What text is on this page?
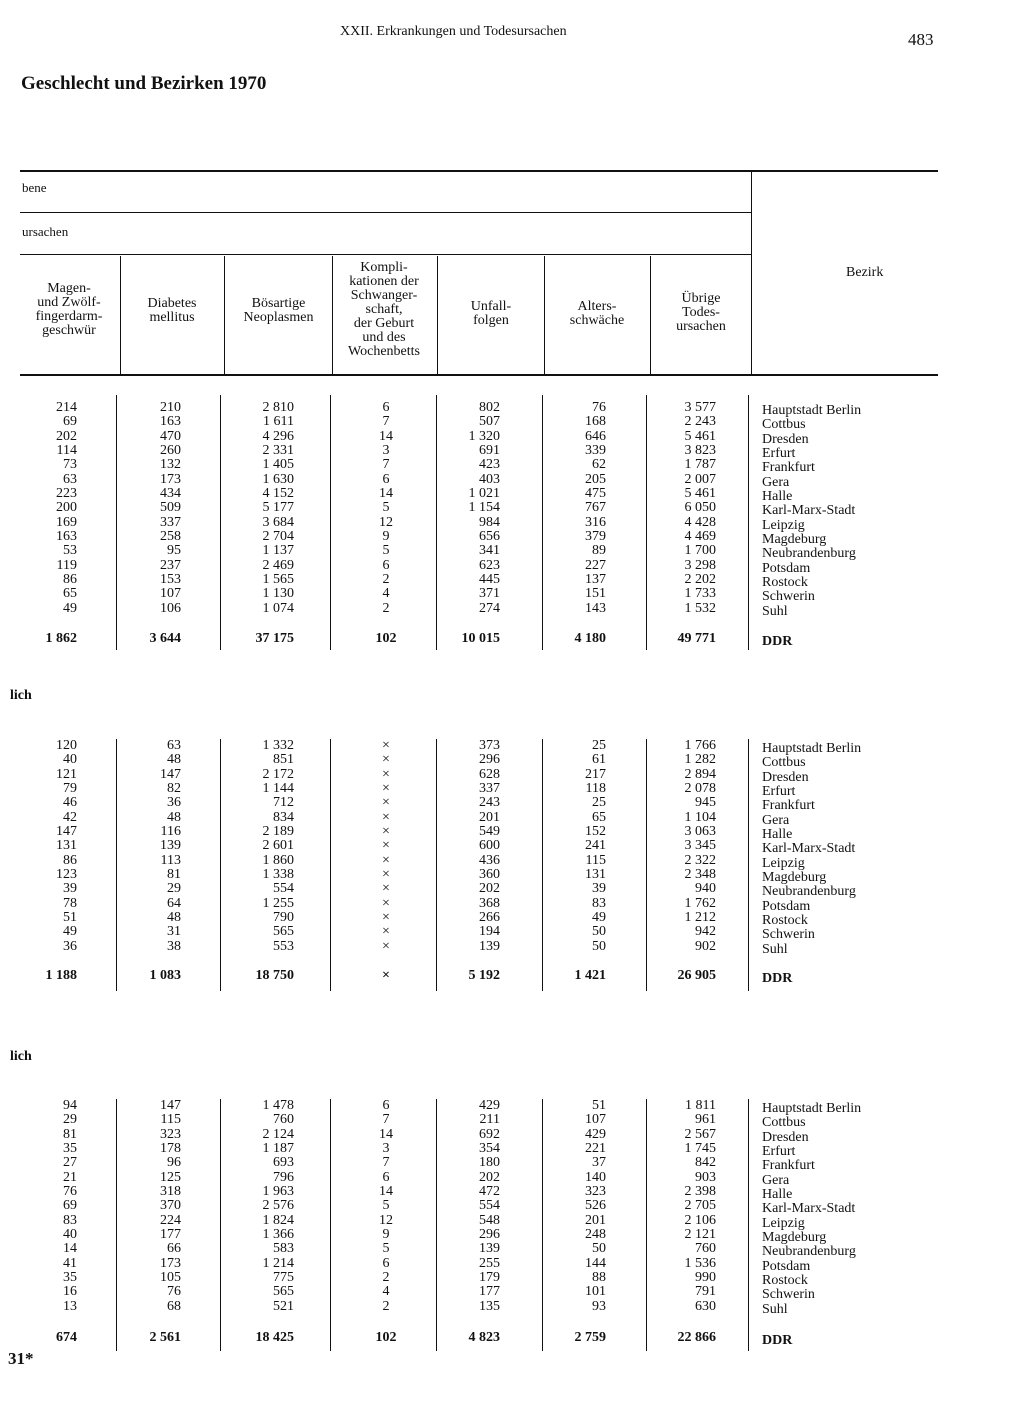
XXII. Erkrankungen und Todesursachen	483
Geschlecht und Bezirken 1970
bene
ursachen
Magen-
und Zwölf-
fingerdarm-
geschwür
Diabetes
mellitus
Bösartige
Neoplasmen
Kompli-
kationen der
Schwanger-
schaft,
der Geburt
und des
Wochenbetts
Unfall-
folgen
Alters-
schwäche
Übrige
Todes-
ursachen
Bezirk
214
69
202
114
73
63
223
200
169
163
53
119
86
65
49
1 862
210
163
470
260
132
173
434
509
337
258
95
237
153
107
106
3 644
2 810
1 611
4 296
2 331
1 405
1 630
4 152
5 177
3 684
2 704
1 137
2 469
1 565
1 130
1 074
37 175
6
7
14
3
7
6
14
5
12
9
5
6
2
4
2
102
802
507
1 320
691
423
403
1 021
1 154
984
656
341
623
445
371
274
10 015
76
168
646
339
62
205
475
767
316
379
89
227
137
151
143
4 180
3 577
2 243
5 461
3 823
1 787
2 007
5 461
6 050
4 428
4 469
1 700
3 298
2 202
1 733
1 532
49 771
Hauptstadt Berlin
Cottbus
Dresden
Erfurt
Frankfurt
Gera
Halle
Karl-Marx-Stadt
Leipzig
Magdeburg
Neubrandenburg
Potsdam
Rostock
Schwerin
Suhl
DDR
lich
120
40
121
79
46
42
147
131
86
123
39
78
51
49
36
1 188
63
48
147
82
36
48
116
139
113
81
29
64
48
31
38
1 083
1 332
851
2 172
1 144
712
834
2 189
2 601
1 860
1 338
554
1 255
790
565
553
18 750
×
×
×
×
×
×
×
×
×
×
×
×
×
×
×
×
373
296
628
337
243
201
549
600
436
360
202
368
266
194
139
5 192
25
61
217
118
25
65
152
241
115
131
39
83
49
50
50
1 421
1 766
1 282
2 894
2 078
945
1 104
3 063
3 345
2 322
2 348
940
1 762
1 212
942
902
26 905
Hauptstadt Berlin
Cottbus
Dresden
Erfurt
Frankfurt
Gera
Halle
Karl-Marx-Stadt
Leipzig
Magdeburg
Neubrandenburg
Potsdam
Rostock
Schwerin
Suhl
DDR
lich
94
29
81
35
27
21
76
69
83
40
14
41
35
16
13
674
147
115
323
178
96
125
318
370
224
177
66
173
105
76
68
2 561
1 478
760
2 124
1 187
693
796
1 963
2 576
1 824
1 366
583
1 214
775
565
521
18 425
6
7
14
3
7
6
14
5
12
9
5
6
2
4
2
102
429
211
692
354
180
202
472
554
548
296
139
255
179
177
135
4 823
51
107
429
221
37
140
323
526
201
248
50
144
88
101
93
2 759
1 811
961
2 567
1 745
842
903
2 398
2 705
2 106
2 121
760
1 536
990
791
630
22 866
Hauptstadt Berlin
Cottbus
Dresden
Erfurt
Frankfurt
Gera
Halle
Karl-Marx-Stadt
Leipzig
Magdeburg
Neubrandenburg
Potsdam
Rostock
Schwerin
Suhl
DDR
31*
